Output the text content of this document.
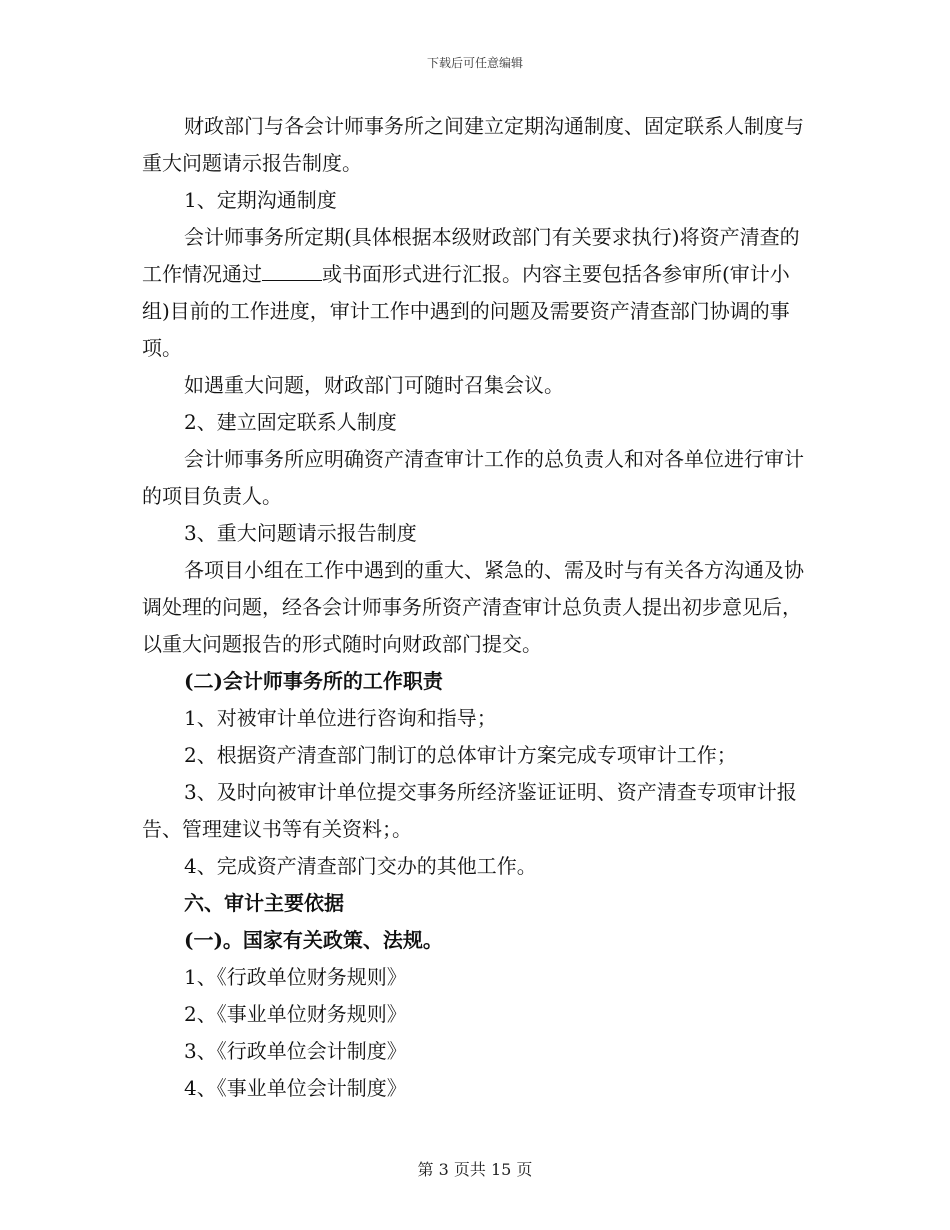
下载后可任意编辑

财政部门与各会计师事务所之间建立定期沟通制度、固定联系人制度与重大问题请示报告制度。

1、定期沟通制度

会计师事务所定期(具体根据本级财政部门有关要求执行)将资产清查的工作情况通过	或书面形式进行汇报。内容主要包括各参审所(审计小组)目前的工作进度，审计工作中遇到的问题及需要资产清查部门协调的事项。

如遇重大问题，财政部门可随时召集会议。

2、建立固定联系人制度

会计师事务所应明确资产清查审计工作的总负责人和对各单位进行审计的项目负责人。

3、重大问题请示报告制度

各项目小组在工作中遇到的重大、紧急的、需及时与有关各方沟通及协调处理的问题，经各会计师事务所资产清查审计总负责人提出初步意见后，以重大问题报告的形式随时向财政部门提交。

(二)会计师事务所的工作职责

1、对被审计单位进行咨询和指导；

2、根据资产清查部门制订的总体审计方案完成专项审计工作；

3、及时向被审计单位提交事务所经济鉴证证明、资产清查专项审计报告、管理建议书等有关资料；。

4、完成资产清查部门交办的其他工作。

六、审计主要依据

(一)。国家有关政策、法规。

1、《行政单位财务规则》

2、《事业单位财务规则》

3、《行政单位会计制度》

4、《事业单位会计制度》

第 3 页共 15 页
